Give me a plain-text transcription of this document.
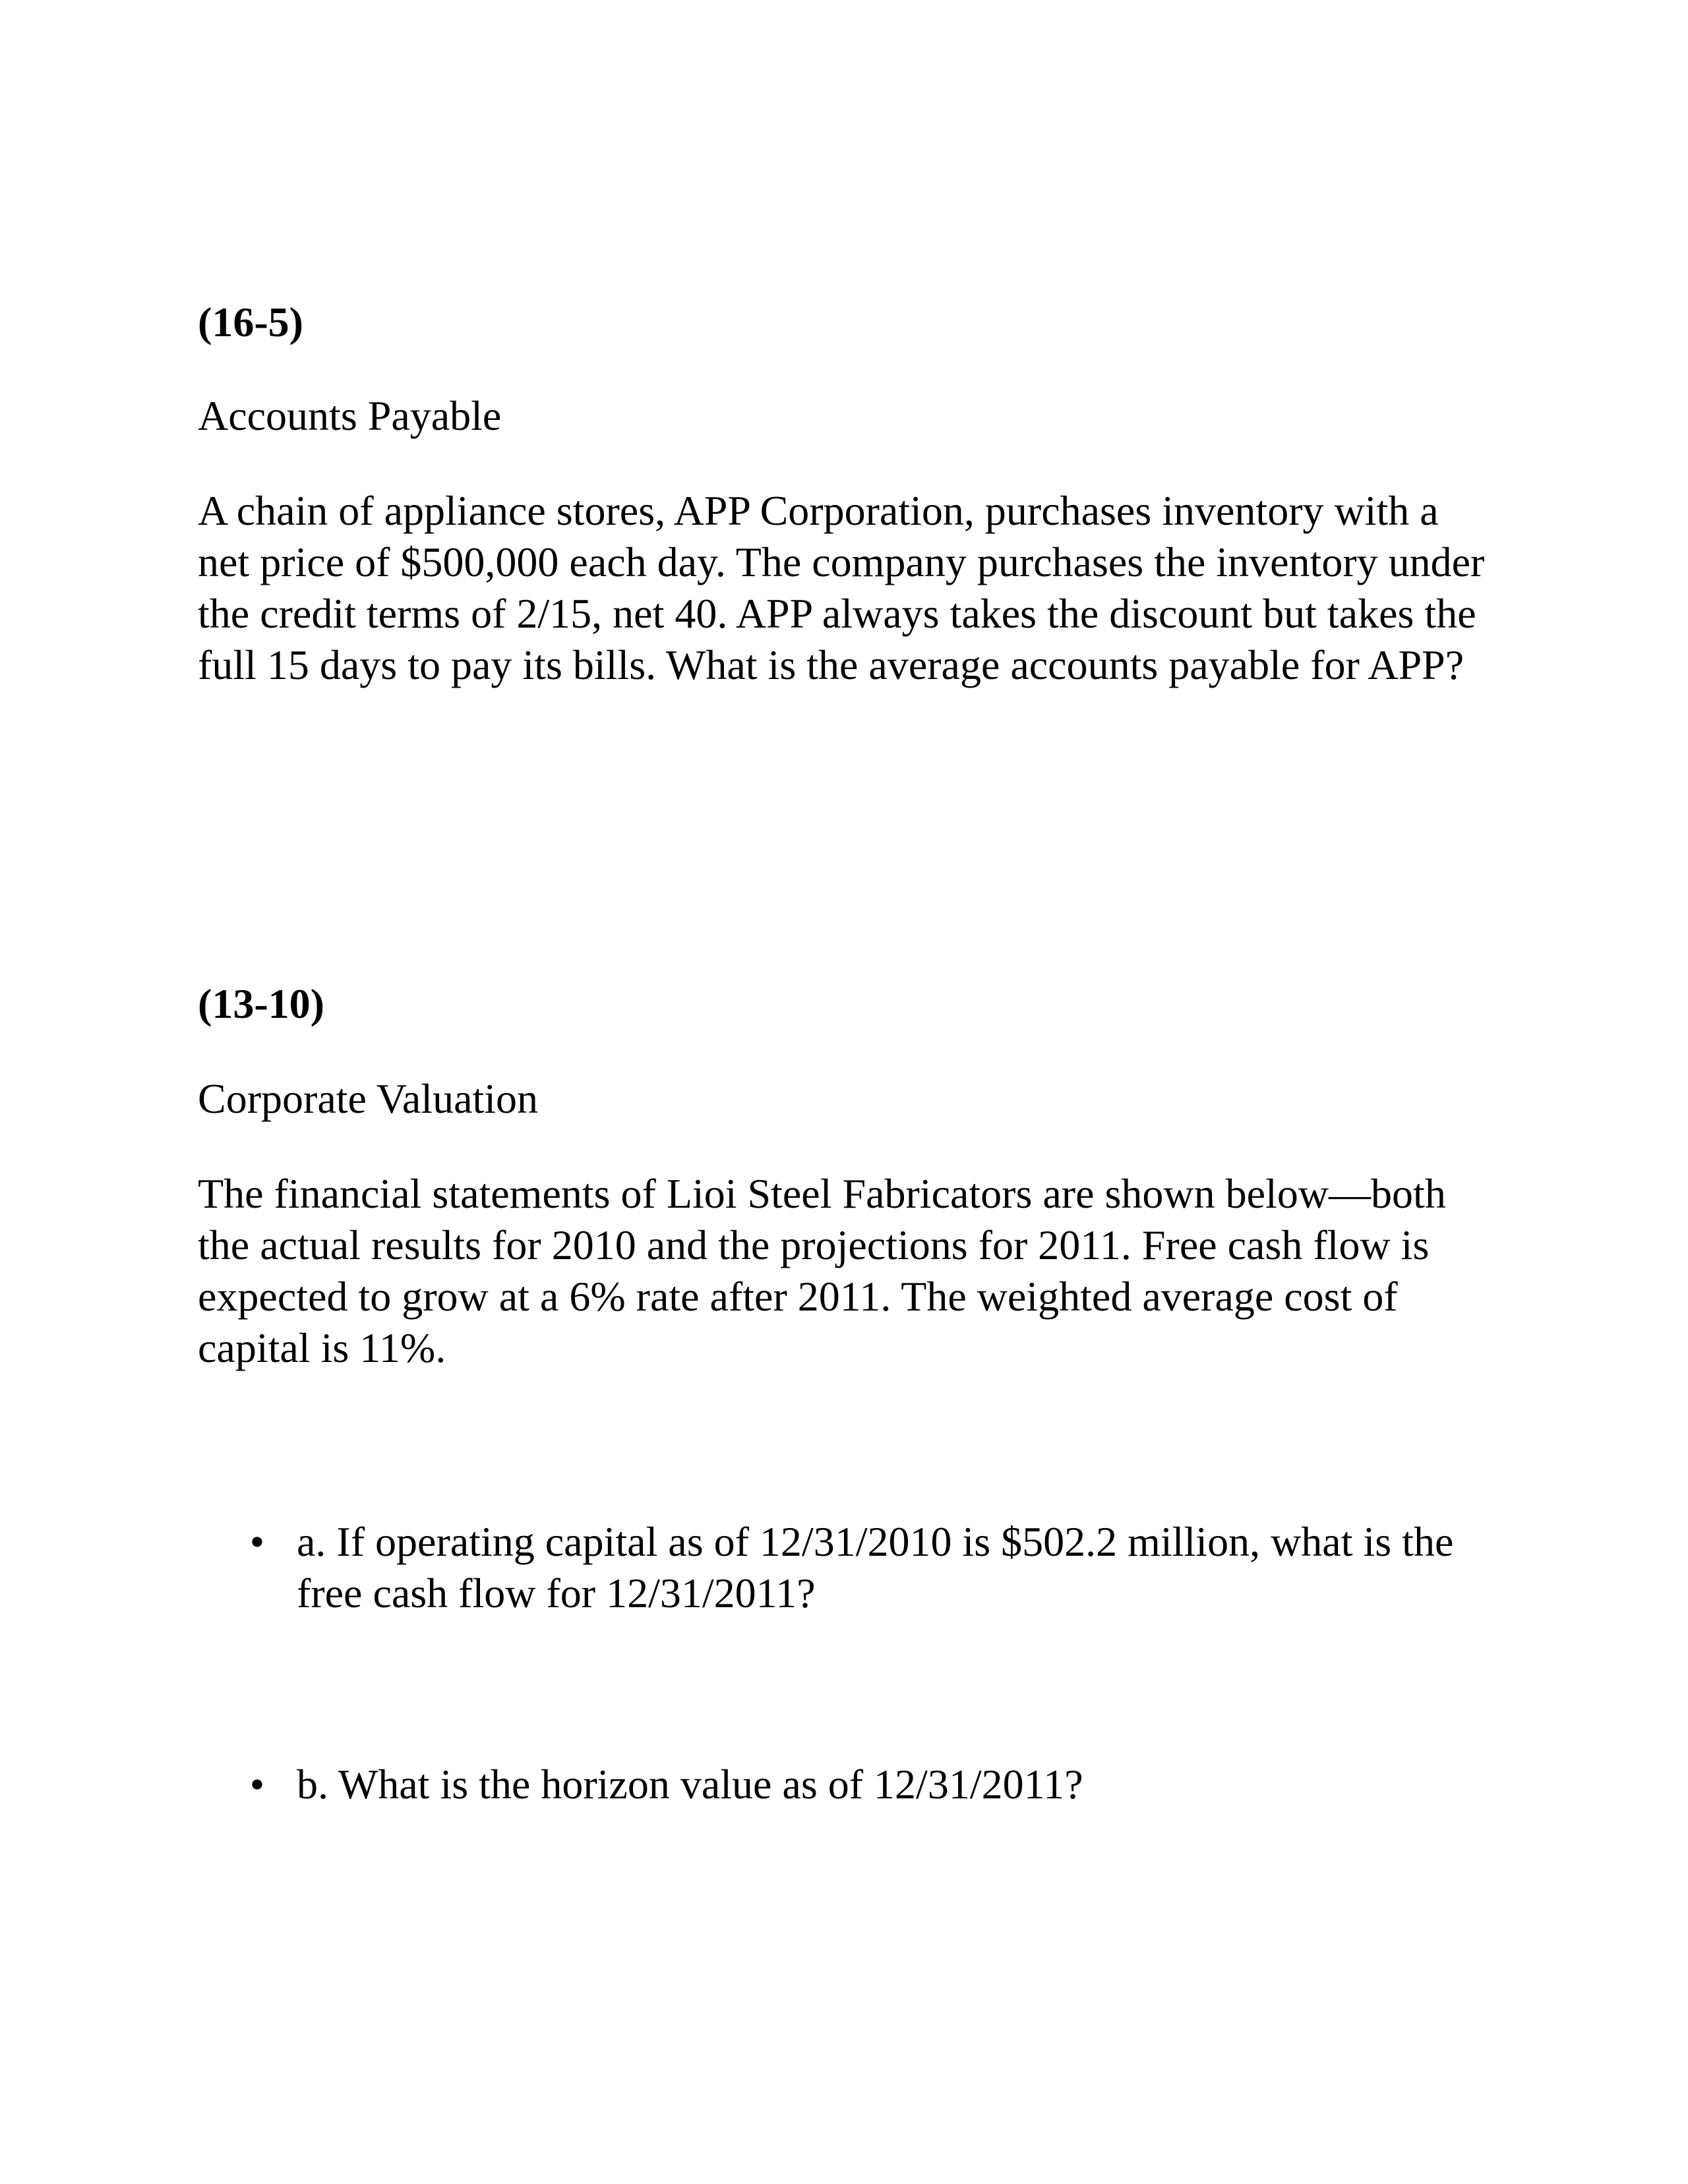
(16-5)
Accounts Payable

A chain of appliance stores, APP Corporation, purchases inventory with a net price of $500,000 each day. The company purchases the inventory under the credit terms of 2/15, net 40. APP always takes the discount but takes the full 15 days to pay its bills. What is the average accounts payable for APP?

(13-10)
Corporate Valuation

The financial statements of Lioi Steel Fabricators are shown below—both the actual results for 2010 and the projections for 2011. Free cash flow is expected to grow at a 6% rate after 2011. The weighted average cost of capital is 11%.

• a. If operating capital as of 12/31/2010 is $502.2 million, what is the free cash flow for 12/31/2011?

• b. What is the horizon value as of 12/31/2011?
